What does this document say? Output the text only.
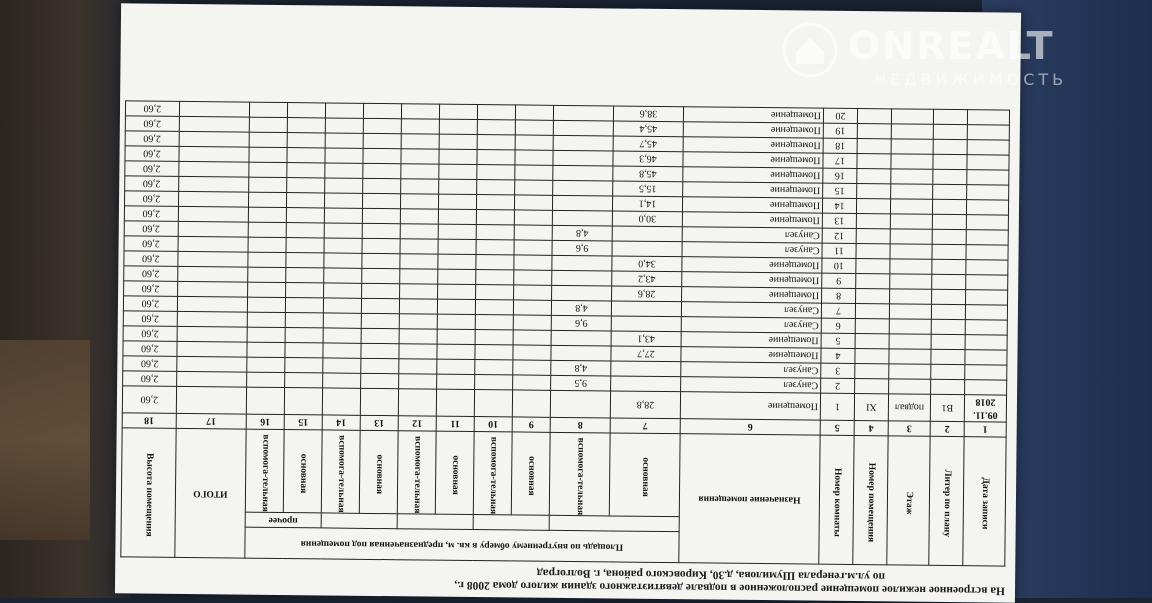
На встроенное нежилое помещение расположенное в подвале девятиэтажного здания жилого дома 2008 г.,
по ул.м.генерала Шумилова, д.30, Кировского района, г. Волгоград
Дата записи	Литер по плану	Этаж	Номер помещения	Номер комнаты	Назначение помещения	Площадь по внутреннему обмеру в кв. м, предназначенная под помещения										ИТОГО	Высота помещения
														прочее			
						основная	вспомога-тельная	основная	вспомога-тельная	основная	вспомога-тельная	основная	вспомога-тельная	основная	вспомога-тельная		
1	2	3	4	5	6	7	8	9	10	11	12	13	14	15	16	17	18
09.11. 2018	В1	подвал	XI	1	Помещение	28,8											2,60
				2	Санузел		9,5										2,60
				3	Санузел		4,8										2,60
				4	Помещение	27,7											2,60
				5	Помещение	43,1											2,60
				6	Санузел		9,6										2,60
				7	Санузел		4,8										2,60
				8	Помещение	28,6											2,60
				9	Помещение	43,2											2,60
				10	Помещение	34,0											2,60
				11	Санузел		9,6										2,60
				12	Санузел		4,8										2,60
				13	Помещение	30,0											2,60
				14	Помещение	14,1											2,60
				15	Помещение	15,5											2,60
				16	Помещение	45,8											2,60
				17	Помещение	46,3											2,60
				18	Помещение	45,7											2,60
				19	Помещение	45,4											2,60
				20	Помещение	38,6											2,60
ONREALT
НЕДВИЖИМОСТЬ
